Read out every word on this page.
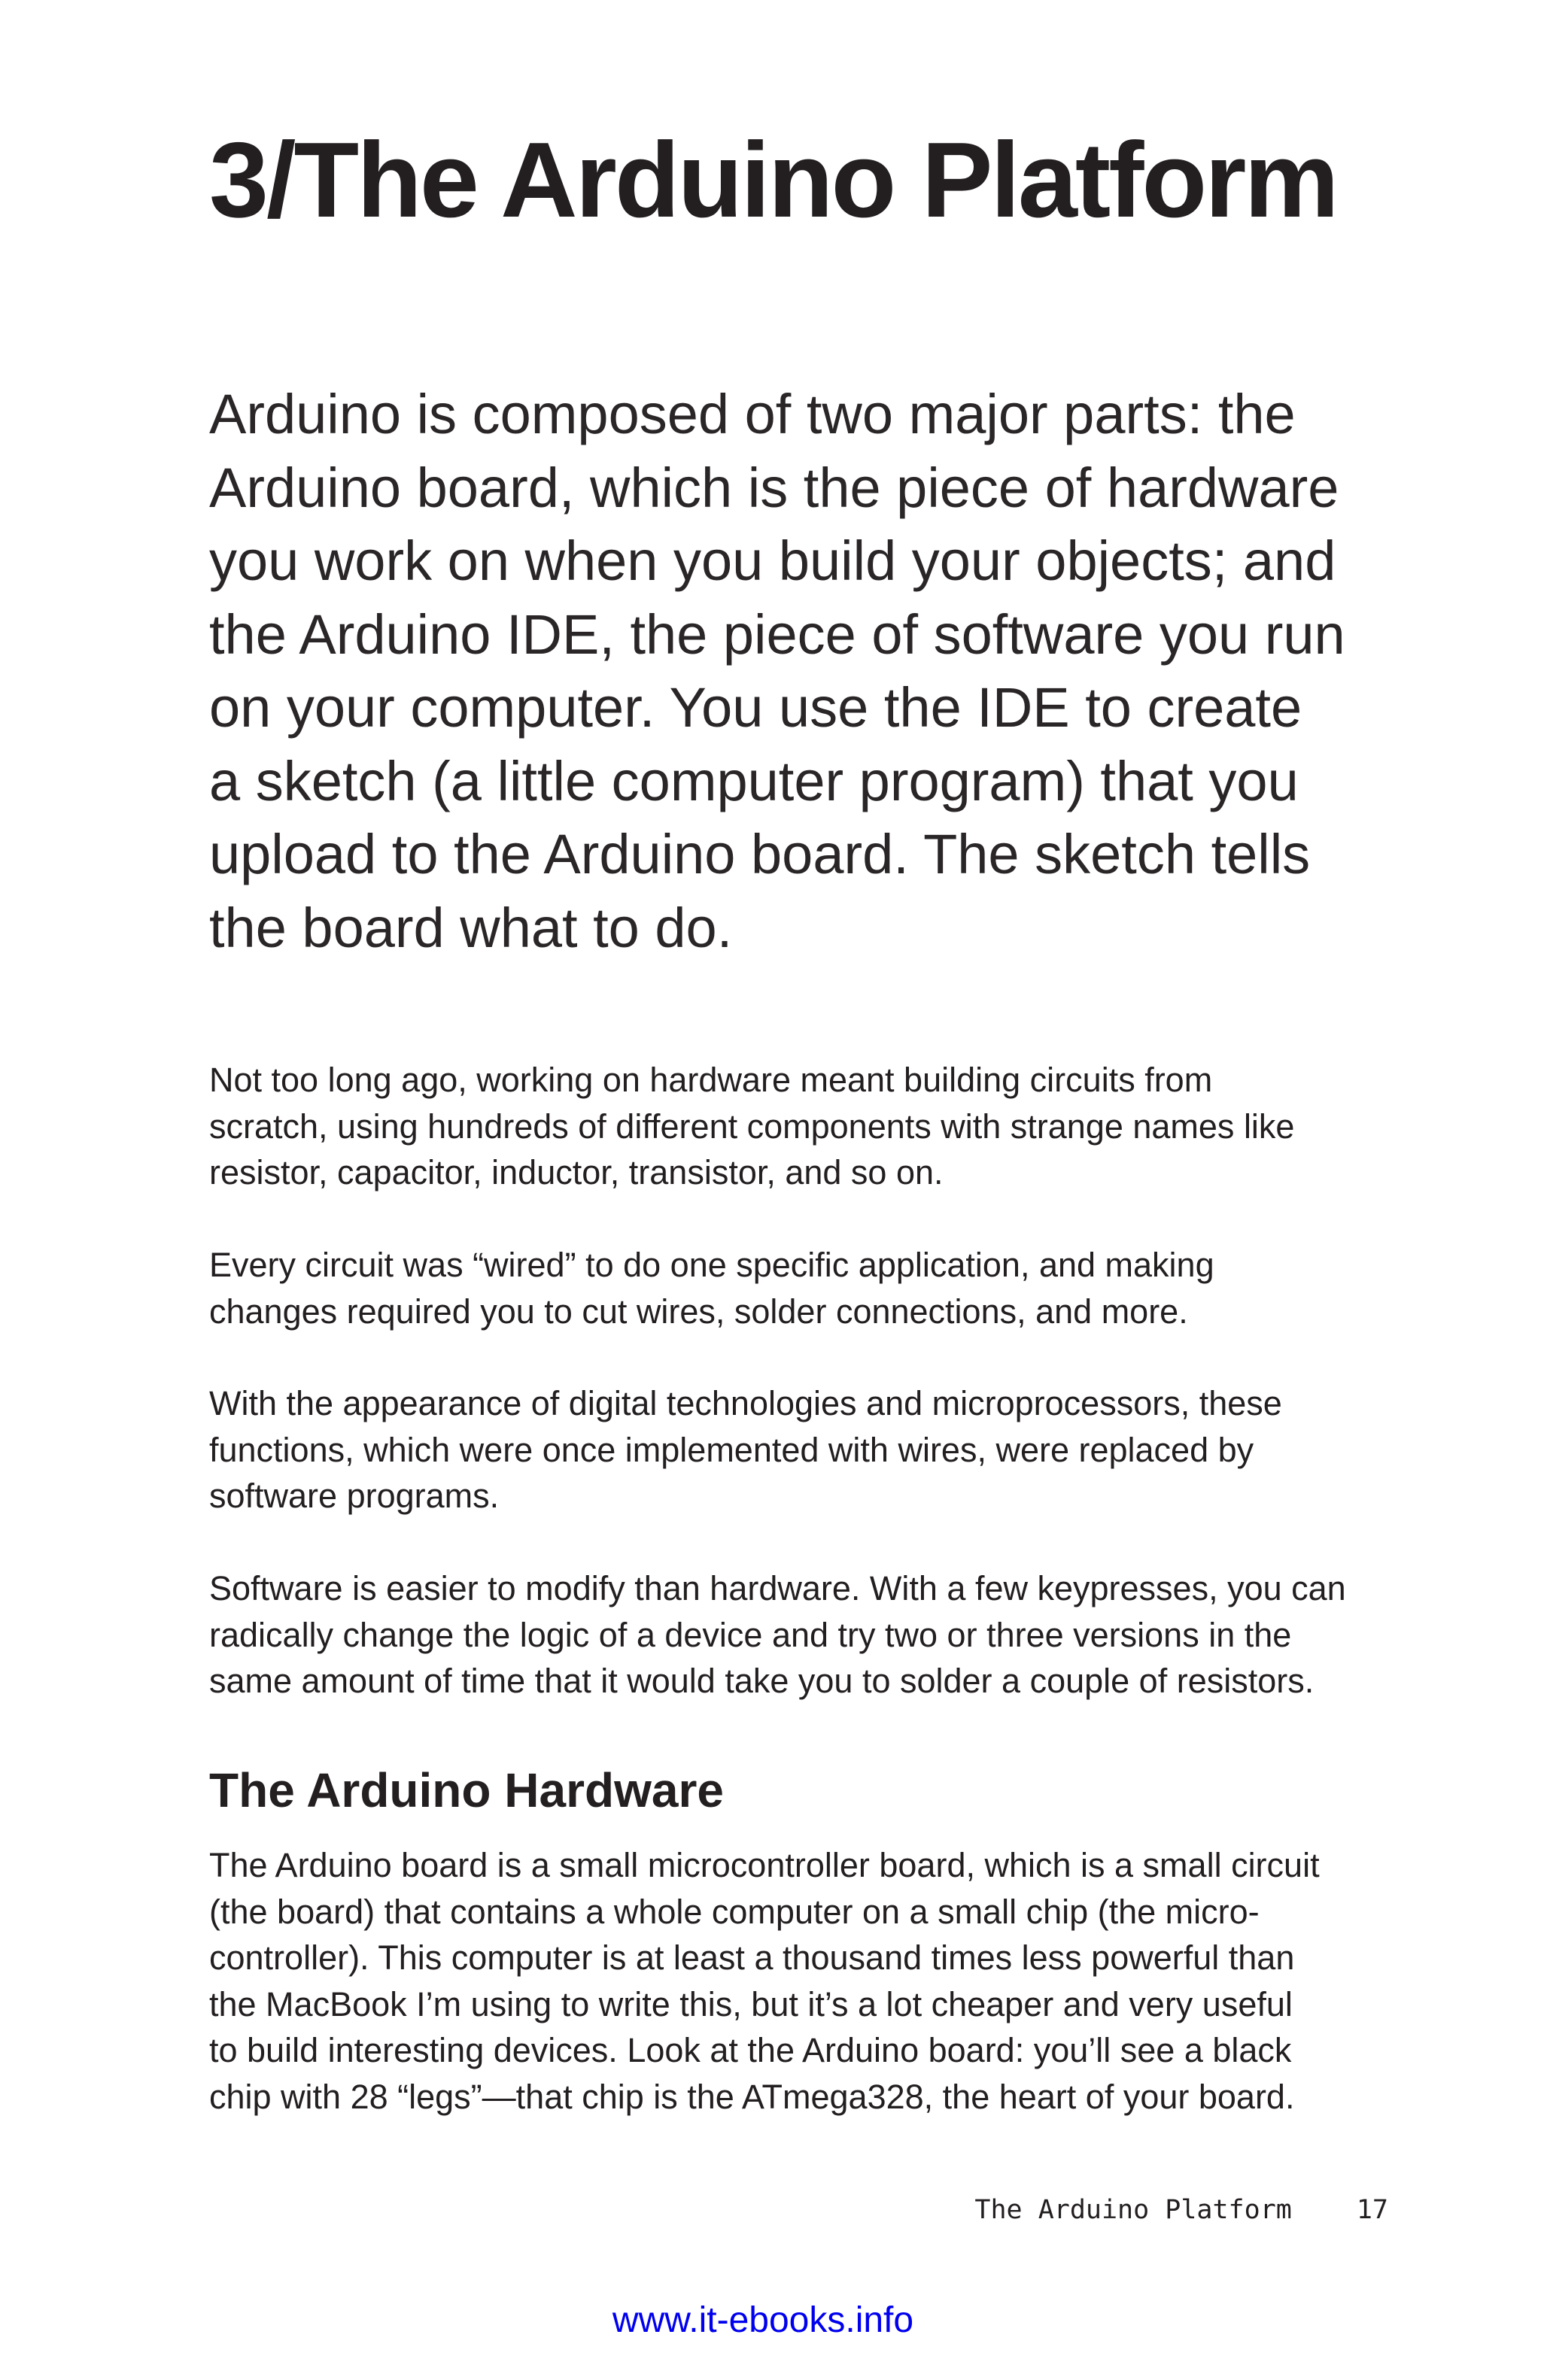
3/The Arduino Platform
Arduino is composed of two major parts: the
Arduino board, which is the piece of hardware
you work on when you build your objects; and
the Arduino IDE, the piece of software you run
on your computer. You use the IDE to create
a sketch (a little computer program) that you
upload to the Arduino board. The sketch tells
the board what to do.
Not too long ago, working on hardware meant building circuits from
scratch, using hundreds of different components with strange names like
resistor, capacitor, inductor, transistor, and so on.
Every circuit was “wired” to do one specific application, and making
changes required you to cut wires, solder connections, and more.
With the appearance of digital technologies and microprocessors, these
functions, which were once implemented with wires, were replaced by
software programs.
Software is easier to modify than hardware. With a few keypresses, you can
radically change the logic of a device and try two or three versions in the
same amount of time that it would take you to solder a couple of resistors.
The Arduino Hardware
The Arduino board is a small microcontroller board, which is a small circuit
(the board) that contains a whole computer on a small chip (the micro-
controller). This computer is at least a thousand times less powerful than
the MacBook I’m using to write this, but it’s a lot cheaper and very useful
to build interesting devices. Look at the Arduino board: you’ll see a black
chip with 28 “legs”—that chip is the ATmega328, the heart of your board.
The Arduino Platform 17
www.it-ebooks.info
